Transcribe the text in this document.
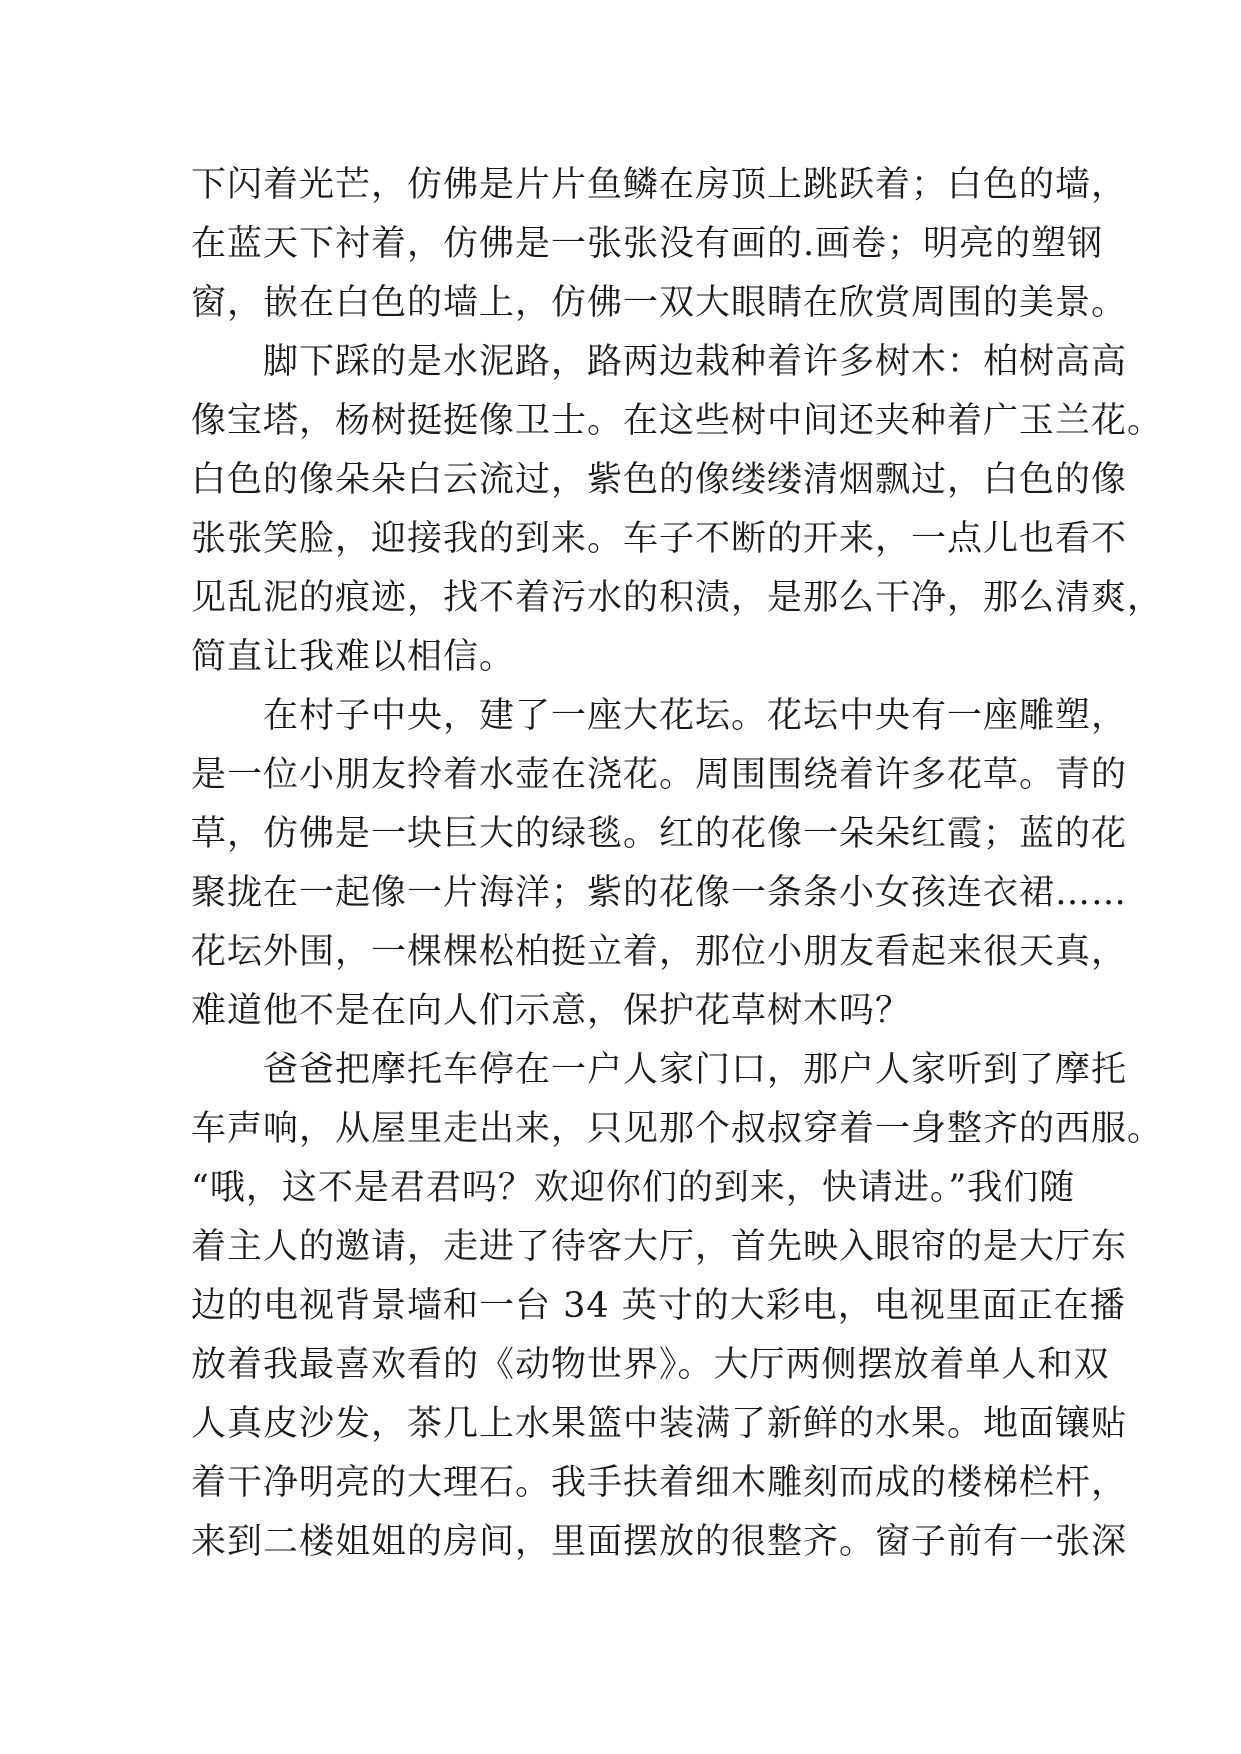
下闪着光芒，仿佛是片片鱼鳞在房顶上跳跃着；白色的墙，
在蓝天下衬着，仿佛是一张张没有画的.画卷；明亮的塑钢
窗，嵌在白色的墙上，仿佛一双大眼睛在欣赏周围的美景。
脚下踩的是水泥路，路两边栽种着许多树木：柏树高高
像宝塔，杨树挺挺像卫士。在这些树中间还夹种着广玉兰花。
白色的像朵朵白云流过，紫色的像缕缕清烟飘过，白色的像
张张笑脸，迎接我的到来。车子不断的开来，一点儿也看不
见乱泥的痕迹，找不着污水的积渍，是那么干净，那么清爽，
简直让我难以相信。
在村子中央，建了一座大花坛。花坛中央有一座雕塑，
是一位小朋友拎着水壶在浇花。周围围绕着许多花草。青的
草，仿佛是一块巨大的绿毯。红的花像一朵朵红霞；蓝的花
聚拢在一起像一片海洋；紫的花像一条条小女孩连衣裙……
花坛外围，一棵棵松柏挺立着，那位小朋友看起来很天真，
难道他不是在向人们示意，保护花草树木吗？
爸爸把摩托车停在一户人家门口，那户人家听到了摩托
车声响，从屋里走出来，只见那个叔叔穿着一身整齐的西服。
“哦，这不是君君吗？欢迎你们的到来，快请进。”我们随
着主人的邀请，走进了待客大厅，首先映入眼帘的是大厅东
边的电视背景墙和一台 34 英寸的大彩电，电视里面正在播
放着我最喜欢看的《动物世界》。大厅两侧摆放着单人和双
人真皮沙发，茶几上水果篮中装满了新鲜的水果。地面镶贴
着干净明亮的大理石。我手扶着细木雕刻而成的楼梯栏杆，
来到二楼姐姐的房间，里面摆放的很整齐。窗子前有一张深
